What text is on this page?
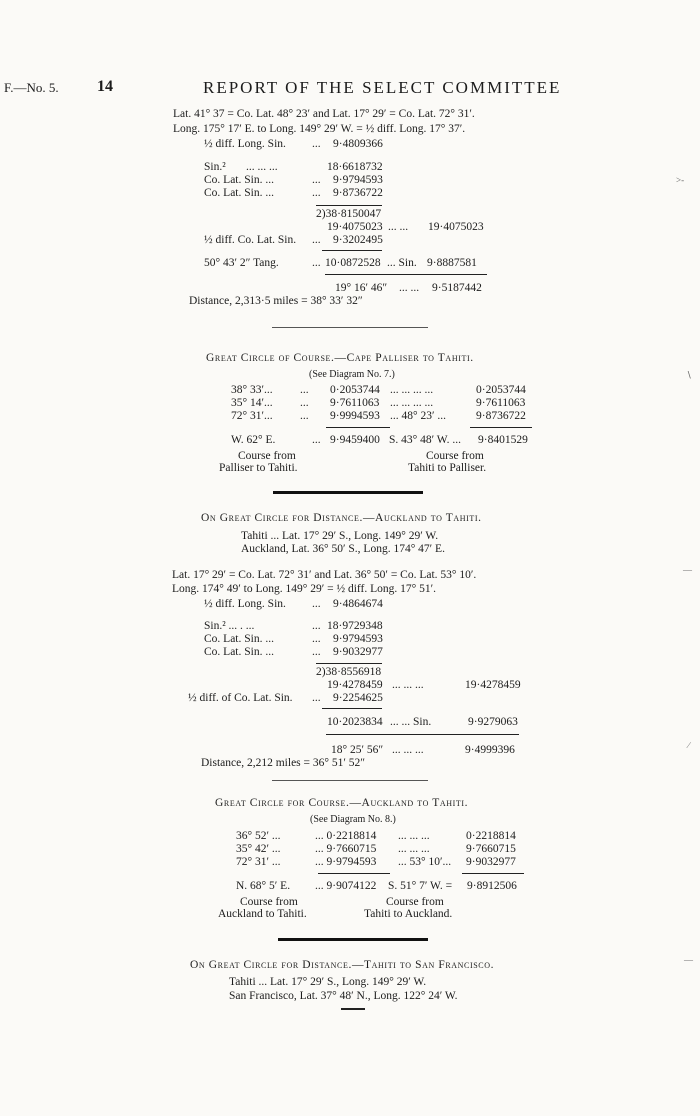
F.—No. 5. 14	REPORT OF THE SELECT COMMITTEE
Lat. 41° 37 = Co. Lat. 48° 23′ and Lat. 17° 29′ = Co. Lat. 72° 31′.
Long. 175° 17′ E. to Long. 149° 29′ W. = ½ diff. Long. 17° 37′.
½ diff. Long. Sin. ... 9·4809366
Sin.² ... ... ...	18·6618732
Co. Lat. Sin. ...	... 9·9794593
Co. Lat. Sin. ...	... 9·8736722
2)38·8150047
19·4075023 ... ... 19·4075023
½ diff. Co. Lat. Sin. ... 9·3202495
50° 43′ 2″ Tang.	... 10·0872528 ... Sin. 9·8887581
19° 16′ 46″ ... ... 9·5187442
Distance, 2,313·5 miles = 38° 33′ 32″
Great Circle of Course.—Cape Palliser to Tahiti.
(See Diagram No. 7.)
38° 33′... ... 0·2053744 ... ... ... ...	0·2053744
35° 14′... ... 9·7611063 ... ... ... ...	9·7611063
72° 31′... ... 9·9994593 ... 48° 23′ ...	9·8736722
W. 62° E.	... 9·9459400 S. 43° 48′ W. ... 9·8401529
Course from
Palliser to Tahiti.
Course from
Tahiti to Palliser.
On Great Circle for Distance.—Auckland to Tahiti.
Tahiti ... Lat. 17° 29′ S., Long. 149° 29′ W.
Auckland, Lat. 36° 50′ S., Long. 174° 47′ E.
Lat. 17° 29′ = Co. Lat. 72° 31′ and Lat. 36° 50′ = Co. Lat. 53° 10′.
Long. 174° 49′ to Long. 149° 29′ = ½ diff. Long. 17° 51′.
½ diff. Long. Sin. ... 9·4864674
Sin.² ... . ...	... 18·9729348
Co. Lat. Sin. ...	... 9·9794593
Co. Lat. Sin. ...	... 9·9032977
2)38·8556918
19·4278459 ... ... ...	19·4278459
½ diff. of Co. Lat. Sin. ... 9·2254625
10·2023834 ... ... Sin.	9·9279063
18° 25′ 56″ ... ... ...	9·4999396
Distance, 2,212 miles = 36° 51′ 52″
Great Circle for Course.—Auckland to Tahiti.
(See Diagram No. 8.)
36° 52′ ...	... 0·2218814 ... ... ...	0·2218814
35° 42′ ...	... 9·7660715 ... ... ...	9·7660715
72° 31′ ...	... 9·9794593 ... 53° 10′... 9·9032977
N. 68° 5′ E. ... 9·9074122 S. 51° 7′ W. = 9·8912506
Course from
Auckland to Tahiti.
Course from
Tahiti to Auckland.
On Great Circle for Distance.—Tahiti to San Francisco.
Tahiti ... Lat. 17° 29′ S., Long. 149° 29′ W.
San Francisco, Lat. 37° 48′ N., Long. 122° 24′ W.
>‑
∖
―
∕
—
